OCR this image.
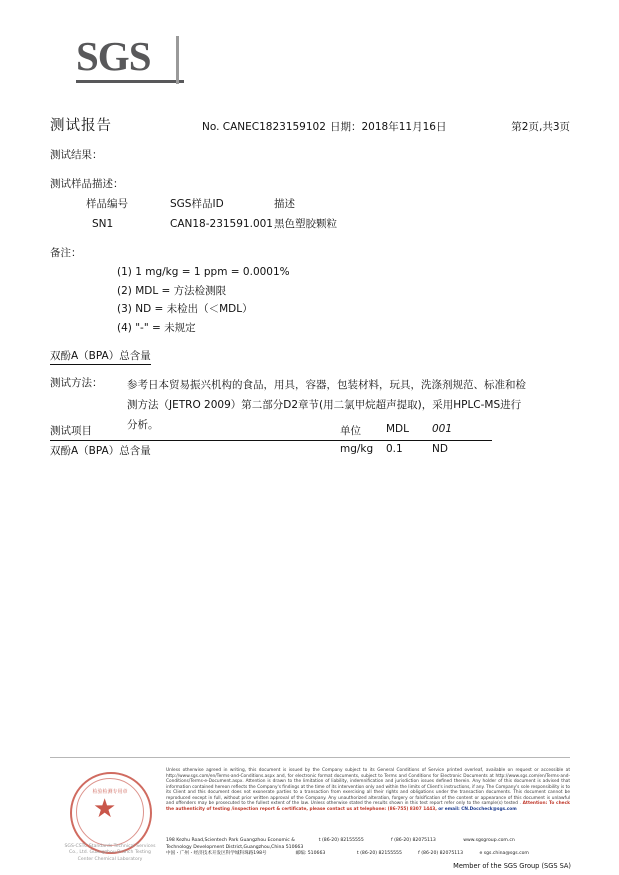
SGS
测试报告	No. CANEC1823159102 日期：2018年11月16日	第2页,共3页
测试结果：
测试样品描述：
样品编号	SGS样品ID	描述
SN1	CAN18-231591.001	黑色塑胶颗粒
备注：
(1) 1 mg/kg = 1 ppm = 0.0001%
(2) MDL = 方法检测限
(3) ND = 未检出（＜MDL）
(4) "-" = 未规定
双酚A（BPA）总含量
测试方法： 参考日本贸易振兴机构的食品，用具，容器，包装材料，玩具，洗涤剂规范、标准和检测方法（JETRO 2009）第二部分D2章节(用二氯甲烷超声提取)，采用HPLC-MS进行分析。
测试项目	单位	MDL	001
双酚A（BPA）总含量	mg/kg	0.1	ND
检验检测专用章
★
SGS-CSTC Standards Technical Services Co., Ltd. Guangzhou Branch Testing Center Chemical Laboratory
Unless otherwise agreed in writing, this document is issued by the Company subject to its General Conditions of Service printed overleaf, available on request or accessible at http://www.sgs.com/en/Terms-and-Conditions.aspx and, for electronic format documents, subject to Terms and Conditions for Electronic Documents at http://www.sgs.com/en/Terms-and-Conditions/Terms-e-Document.aspx. Attention is drawn to the limitation of liability, indemnification and jurisdiction issues defined therein. Any holder of this document is advised that information contained hereon reflects the Company's findings at the time of its intervention only and within the limits of Client's instructions, if any. The Company's sole responsibility is to its Client and this document does not exonerate parties to a transaction from exercising all their rights and obligations under the transaction documents. This document cannot be reproduced except in full, without prior written approval of the Company. Any unauthorized alteration, forgery or falsification of the content or appearance of this document is unlawful and offenders may be prosecuted to the fullest extent of the law. Unless otherwise stated the results shown in this test report refer only to the sample(s) tested . Attention: To check the authenticity of testing /inspection report & certificate, please contact us at telephone: (86-755) 8307 1443, or email: CN.Doccheck@sgs.com
198 Kezhu Road,Scientech Park Guangzhou Economic & Technology Development District,Guangzhou,China 510663
t (86-20) 82155555	f (86-20) 82075113	www.sgsgroup.com.cn
中国・广州・经济技术开发区科学城科珠路198号	邮编: 510663	t (86-20) 82155555	f (86-20) 82075113	e sgs.china@sgs.com
Member of the SGS Group (SGS SA)
